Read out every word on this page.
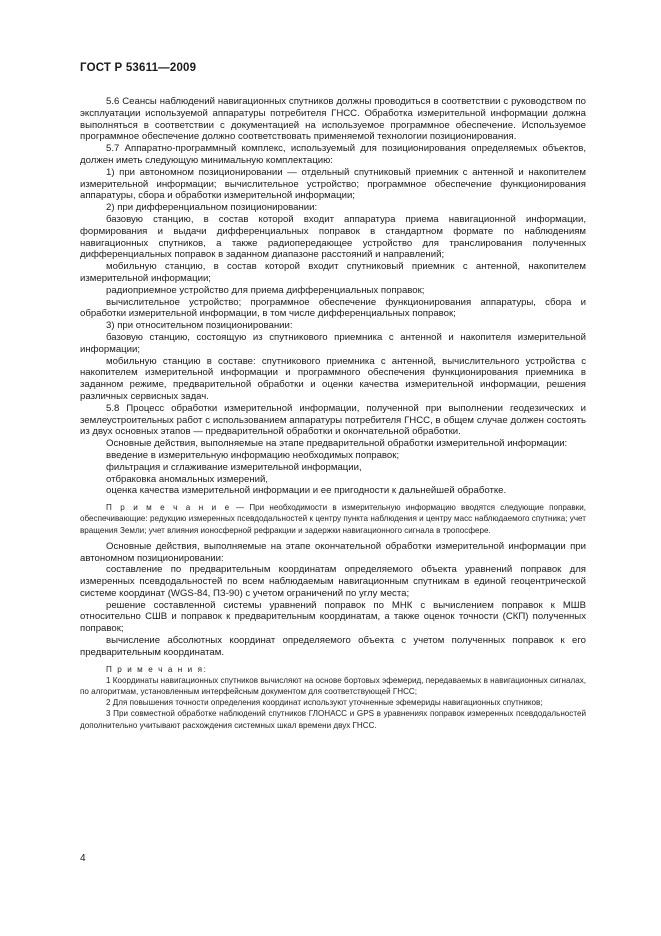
ГОСТ Р 53611—2009

5.6 Сеансы наблюдений навигационных спутников должны проводиться в соответствии с руководством по эксплуатации используемой аппаратуры потребителя ГНСС. Обработка измерительной информации должна выполняться в соответствии с документацией на используемое программное обеспечение. Используемое программное обеспечение должно соответствовать применяемой технологии позиционирования.

5.7 Аппаратно-программный комплекс, используемый для позиционирования определяемых объектов, должен иметь следующую минимальную комплектацию:

1) при автономном позиционировании — отдельный спутниковый приемник с антенной и накопителем измерительной информации; вычислительное устройство; программное обеспечение функционирования аппаратуры, сбора и обработки измерительной информации;

2) при дифференциальном позиционировании:

базовую станцию, в состав которой входит аппаратура приема навигационной информации, формирования и выдачи дифференциальных поправок в стандартном формате по наблюдениям навигационных спутников, а также радиопередающее устройство для транслирования полученных дифференциальных поправок в заданном диапазоне расстояний и направлений;

мобильную станцию, в состав которой входит спутниковый приемник с антенной, накопителем измерительной информации;

радиоприемное устройство для приема дифференциальных поправок;

вычислительное устройство; программное обеспечение функционирования аппаратуры, сбора и обработки измерительной информации, в том числе дифференциальных поправок;

3) при относительном позиционировании:

базовую станцию, состоящую из спутникового приемника с антенной и накопителя измерительной информации;

мобильную станцию в составе: спутникового приемника с антенной, вычислительного устройства с накопителем измерительной информации и программного обеспечения функционирования приемника в заданном режиме, предварительной обработки и оценки качества измерительной информации, решения различных сервисных задач.

5.8 Процесс обработки измерительной информации, полученной при выполнении геодезических и землеустроительных работ с использованием аппаратуры потребителя ГНСС, в общем случае должен состоять из двух основных этапов — предварительной обработки и окончательной обработки.

Основные действия, выполняемые на этапе предварительной обработки измерительной информации:

введение в измерительную информацию необходимых поправок;

фильтрация и сглаживание измерительной информации,

отбраковка аномальных измерений,

оценка качества измерительной информации и ее пригодности к дальнейшей обработке.

П р и м е ч а н и е — При необходимости в измерительную информацию вводятся следующие поправки, обеспечивающие: редукцию измеренных псевдодальностей к центру пункта наблюдения и центру масс наблюдаемого спутника; учет вращения Земли; учет влияния ионосферной рефракции и задержки навигационного сигнала в тропосфере.

Основные действия, выполняемые на этапе окончательной обработки измерительной информации при автономном позиционировании:

составление по предварительным координатам определяемого объекта уравнений поправок для измеренных псевдодальностей по всем наблюдаемым навигационным спутникам в единой геоцентрической системе координат (WGS-84, ПЗ-90) с учетом ограничений по углу места;

решение составленной системы уравнений поправок по МНК с вычислением поправок к МШВ относительно СШВ и поправок к предварительным координатам, а также оценок точности (СКП) полученных поправок;

вычисление абсолютных координат определяемого объекта с учетом полученных поправок к его предварительным координатам.

П р и м е ч а н и я:

1 Координаты навигационных спутников вычисляют на основе бортовых эфемерид, передаваемых в навигационных сигналах, по алгоритмам, установленным интерфейсным документом для соответствующей ГНСС;

2 Для повышения точности определения координат используют уточненные эфемериды навигационных спутников;

3 При совместной обработке наблюдений спутников ГЛОНАСС и GPS в уравнениях поправок измеренных псевдодальностей дополнительно учитывают расхождения системных шкал времени двух ГНСС.

4
